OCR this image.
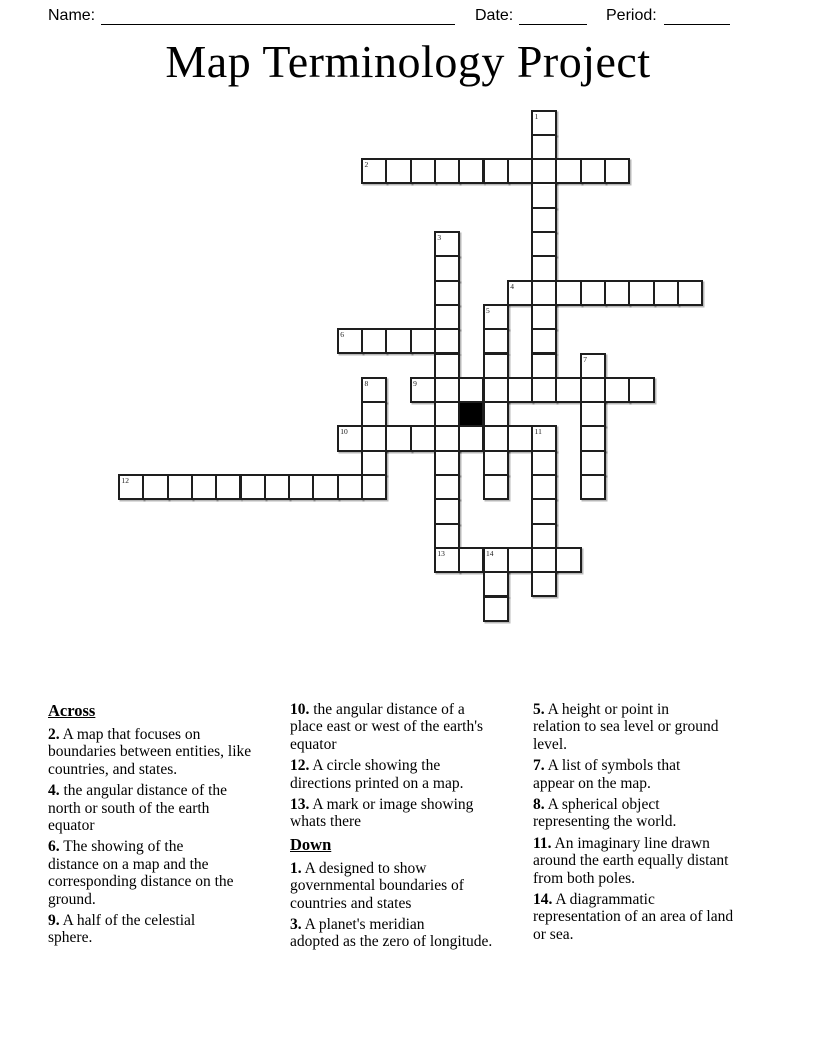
Name:	Date:	Period:
Map Terminology Project
1
2
3
4
5
6
7
8	9
10	11
12
13	14
Across

2. A map that focuses on
boundaries between entities, like
countries, and states.

4. the angular distance of the
north or south of the earth
equator

6. The showing of the
distance on a map and the
corresponding distance on the
ground.

9. A half of the celestial
sphere.

10. the angular distance of a
place east or west of the earth's
equator

12. A circle showing the
directions printed on a map.

13. A mark or image showing
whats there

Down

1. A designed to show
governmental boundaries of
countries and states

3. A planet's meridian
adopted as the zero of longitude.

5. A height or point in
relation to sea level or ground
level.

7. A list of symbols that
appear on the map.

8. A spherical object
representing the world.

11. An imaginary line drawn
around the earth equally distant
from both poles.

14. A diagrammatic
representation of an area of land
or sea.
